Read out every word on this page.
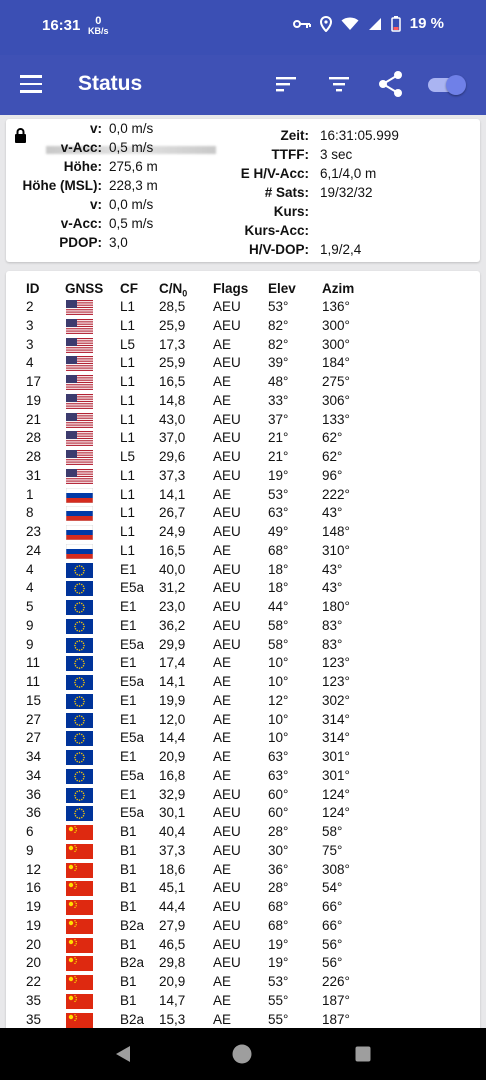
16:31	0
KB/s	19 %
Status
v: 0,0 m/s
v-Acc: 0,5 m/s
Höhe: 275,6 m
Höhe (MSL): 228,3 m
v: 0,0 m/s
v-Acc: 0,5 m/s
PDOP: 3,0
Zeit: 16:31:05.999
TTFF: 3 sec
E H/V-Acc: 6,1/4,0 m
# Sats: 19/32/32
Kurs:
Kurs-Acc:
H/V-DOP: 1,9/2,4
ID GNSS CF $C/N_0$ Flags Elev Azim
2	L1 28,5 AEU 53° 136°
3	L1 25,9 AEU 82° 300°
3	L5 17,3 AE	82° 300°
4	L1 25,9 AEU 39° 184°
17	L1 16,5 AE	48° 275°
19	L1 14,8 AE	33° 306°
21	L1 43,0 AEU 37° 133°
28	L1 37,0 AEU 21° 62°
28	L5 29,6 AEU 21° 62°
31	L1 37,3 AEU 19° 96°
1	L1 14,1 AE	53° 222°
8	L1 26,7 AEU 63° 43°
23	L1 24,9 AEU 49° 148°
24	L1 16,5 AE	68° 310°
4	E1 40,0 AEU 18° 43°
4	E5a 31,2 AEU 18° 43°
5	E1 23,0 AEU 44° 180°
9	E1 36,2 AEU 58° 83°
9	E5a 29,9 AEU 58° 83°
11	E1 17,4 AE	10° 123°
11	E5a 14,1 AE	10° 123°
15	E1 19,9 AE	12° 302°
27	E1 12,0 AE	10° 314°
27	E5a 14,4 AE	10° 314°
34	E1 20,9 AE	63° 301°
34	E5a 16,8 AE	63° 301°
36	E1 32,9 AEU 60° 124°
36	E5a 30,1 AEU 60° 124°
6	B1 40,4 AEU 28° 58°
9	B1 37,3 AEU 30° 75°
12	B1 18,6 AE	36° 308°
16	B1 45,1 AEU 28° 54°
19	B1 44,4 AEU 68° 66°
19	B2a 27,9 AEU 68° 66°
20	B1 46,5 AEU 19° 56°
20	B2a 29,8 AEU 19° 56°
22	B1 20,9 AE	53° 226°
35	B1 14,7 AE	55° 187°
35	B2a 15,3 AE	55° 187°
